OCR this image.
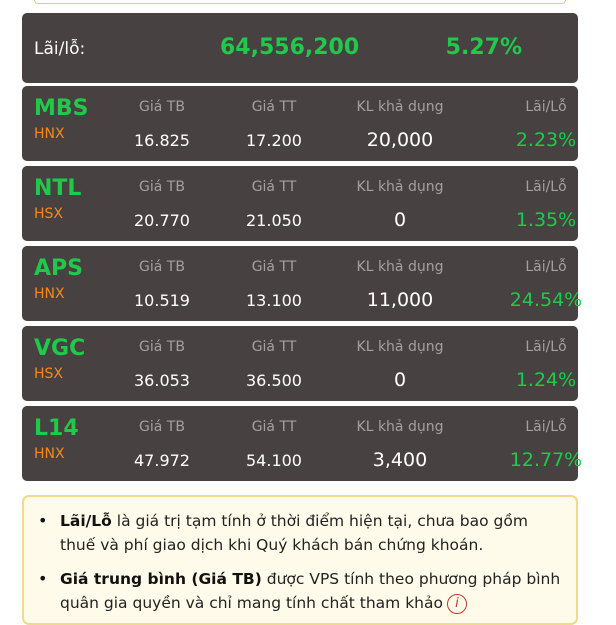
Lãi/lỗ:	64,556,200	5.27%
MBS
HNX
Giá TB	Giá TT	KL khả dụng	Lãi/Lỗ
16.825	17.200	20,000	2.23%
NTL
HSX
Giá TB	Giá TT	KL khả dụng	Lãi/Lỗ
20.770	21.050	0	1.35%
APS
HNX
Giá TB	Giá TT	KL khả dụng	Lãi/Lỗ
10.519	13.100	11,000	24.54%
VGC
HSX
Giá TB	Giá TT	KL khả dụng	Lãi/Lỗ
36.053	36.500	0	1.24%
L14
HNX
Giá TB	Giá TT	KL khả dụng	Lãi/Lỗ
47.972	54.100	3,400	12.77%
• Lãi/Lỗ là giá trị tạm tính ở thời điểm hiện tại, chưa bao gồm thuế và phí giao dịch khi Quý khách bán chứng khoán.
• Giá trung bình (Giá TB) được VPS tính theo phương pháp bình quân gia quyền và chỉ mang tính chất tham khảo i
